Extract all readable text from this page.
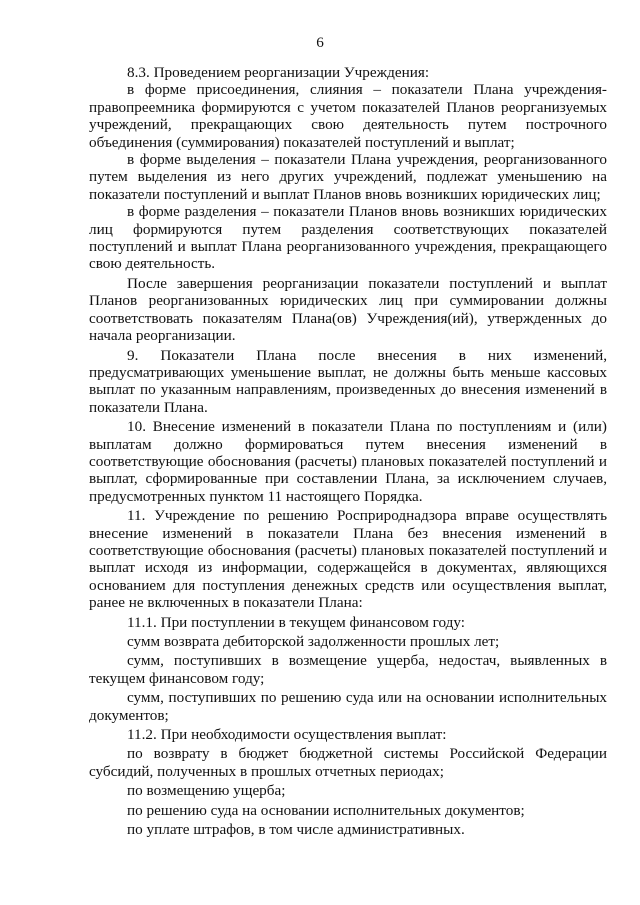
6

8.3. Проведением реорганизации Учреждения:

в форме присоединения, слияния – показатели Плана учреждения-правопреемника формируются с учетом показателей Планов реорганизуемых учреждений, прекращающих свою деятельность путем построчного объединения (суммирования) показателей поступлений и выплат;

в форме выделения – показатели Плана учреждения, реорганизованного путем выделения из него других учреждений, подлежат уменьшению на показатели поступлений и выплат Планов вновь возникших юридических лиц;

в форме разделения – показатели Планов вновь возникших юридических лиц формируются путем разделения соответствующих показателей поступлений и выплат Плана реорганизованного учреждения, прекращающего свою деятельность.

После завершения реорганизации показатели поступлений и выплат Планов реорганизованных юридических лиц при суммировании должны соответствовать показателям Плана(ов) Учреждения(ий), утвержденных до начала реорганизации.

9. Показатели Плана после внесения в них изменений, предусматривающих уменьшение выплат, не должны быть меньше кассовых выплат по указанным направлениям, произведенных до внесения изменений в показатели Плана.

10. Внесение изменений в показатели Плана по поступлениям и (или) выплатам должно формироваться путем внесения изменений в соответствующие обоснования (расчеты) плановых показателей поступлений и выплат, сформированные при составлении Плана, за исключением случаев, предусмотренных пунктом 11 настоящего Порядка.

11. Учреждение по решению Росприроднадзора вправе осуществлять внесение изменений в показатели Плана без внесения изменений в соответствующие обоснования (расчеты) плановых показателей поступлений и выплат исходя из информации, содержащейся в документах, являющихся основанием для поступления денежных средств или осуществления выплат, ранее не включенных в показатели Плана:

11.1. При поступлении в текущем финансовом году:

сумм возврата дебиторской задолженности прошлых лет;

сумм, поступивших в возмещение ущерба, недостач, выявленных в текущем финансовом году;

сумм, поступивших по решению суда или на основании исполнительных документов;

11.2. При необходимости осуществления выплат:

по возврату в бюджет бюджетной системы Российской Федерации субсидий, полученных в прошлых отчетных периодах;

по возмещению ущерба;

по решению суда на основании исполнительных документов;

по уплате штрафов, в том числе административных.
